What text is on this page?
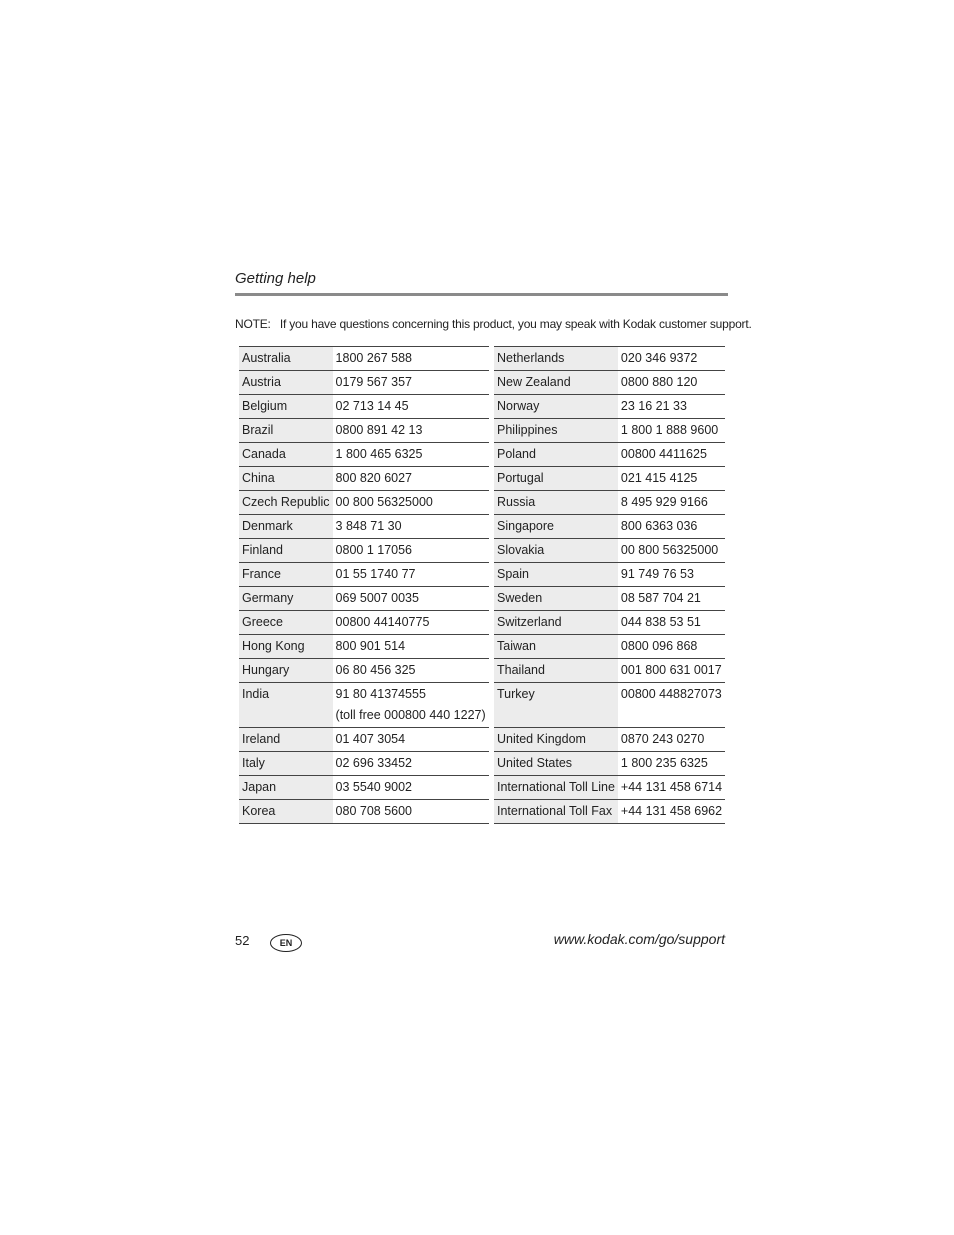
Getting help
NOTE: If you have questions concerning this product, you may speak with Kodak customer support.
Australia	1800 267 588

Austria	0179 567 357

Belgium	02 713 14 45

Brazil	0800 891 42 13

Canada	1 800 465 6325

China	800 820 6027

Czech Republic	00 800 56325000

Denmark	3 848 71 30

Finland	0800 1 17056

France	01 55 1740 77

Germany	069 5007 0035

Greece	00800 44140775

Hong Kong	800 901 514

Hungary	06 80 456 325

India	91 80 41374555
(toll free 000800 440 1227)

Ireland	01 407 3054

Italy	02 696 33452

Japan	03 5540 9002

Korea	080 708 5600
Netherlands	020 346 9372

New Zealand	0800 880 120

Norway	23 16 21 33

Philippines	1 800 1 888 9600

Poland	00800 4411625

Portugal	021 415 4125

Russia	8 495 929 9166

Singapore	800 6363 036

Slovakia	00 800 56325000

Spain	91 749 76 53

Sweden	08 587 704 21

Switzerland	044 838 53 51

Taiwan	0800 096 868

Thailand	001 800 631 0017

Turkey	00800 448827073

United Kingdom	0870 243 0270

United States	1 800 235 6325

International Toll Line	+44 131 458 6714

International Toll Fax	+44 131 458 6962
52	EN	www.kodak.com/go/support
